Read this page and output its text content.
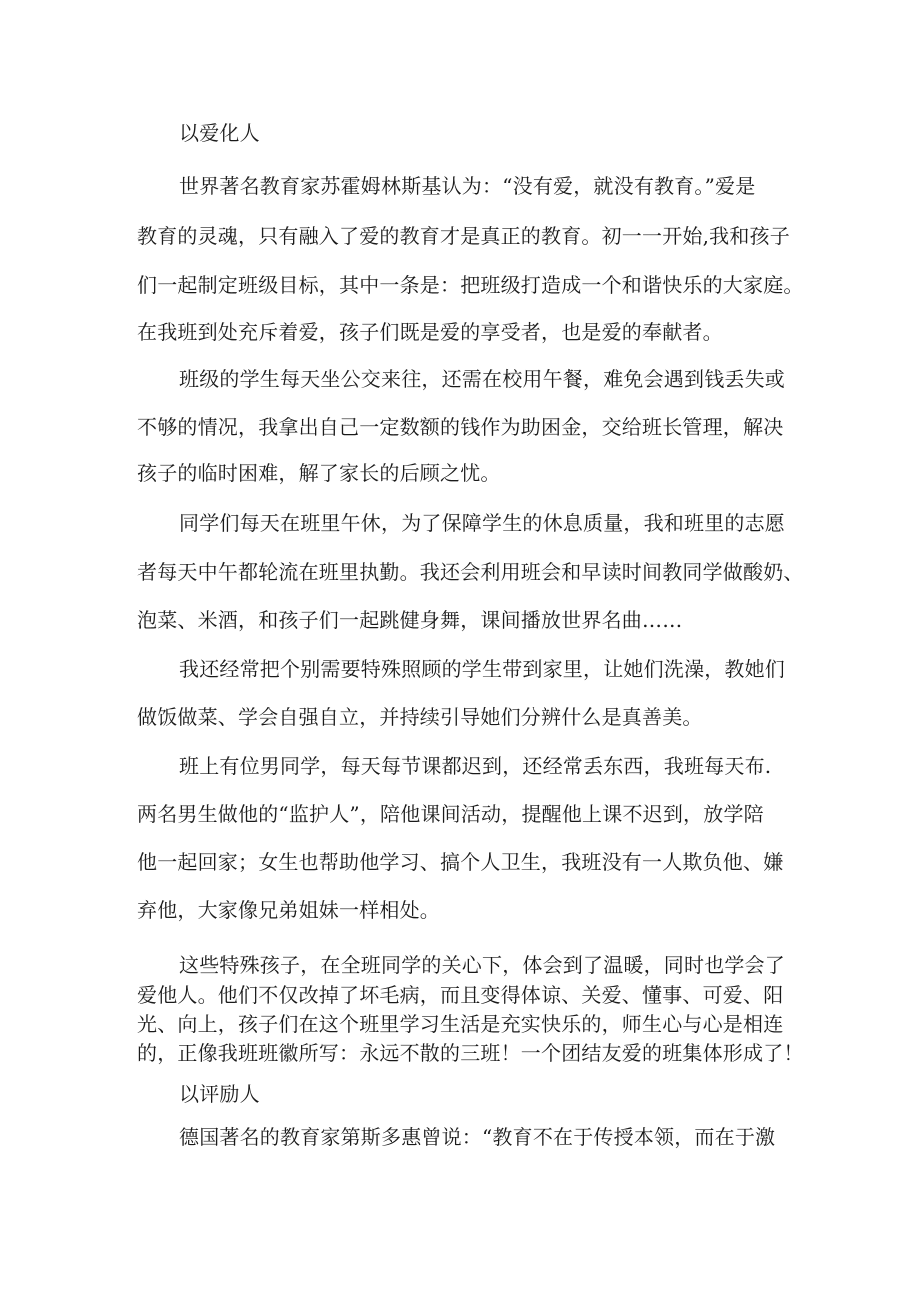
以爱化人
世界著名教育家苏霍姆林斯基认为：“没有爱，就没有教育。”爱是
教育的灵魂，只有融入了爱的教育才是真正的教育。初一一开始,我和孩子
们一起制定班级目标，其中一条是：把班级打造成一个和谐快乐的大家庭。
在我班到处充斥着爱，孩子们既是爱的享受者，也是爱的奉献者。
班级的学生每天坐公交来往，还需在校用午餐，难免会遇到钱丢失或
不够的情况，我拿出自己一定数额的钱作为助困金，交给班长管理，解决
孩子的临时困难，解了家长的后顾之忧。
同学们每天在班里午休，为了保障学生的休息质量，我和班里的志愿
者每天中午都轮流在班里执勤。我还会利用班会和早读时间教同学做酸奶、
泡菜、米酒，和孩子们一起跳健身舞，课间播放世界名曲……
我还经常把个别需要特殊照顾的学生带到家里，让她们洗澡，教她们
做饭做菜、学会自强自立，并持续引导她们分辨什么是真善美。
班上有位男同学，每天每节课都迟到，还经常丢东西，我班每天布.
两名男生做他的“监护人”，陪他课间活动，提醒他上课不迟到，放学陪
他一起回家；女生也帮助他学习、搞个人卫生，我班没有一人欺负他、嫌
弃他，大家像兄弟姐妹一样相处。
这些特殊孩子，在全班同学的关心下，体会到了温暖，同时也学会了
爱他人。他们不仅改掉了坏毛病，而且变得体谅、关爱、懂事、可爱、阳
光、向上，孩子们在这个班里学习生活是充实快乐的，师生心与心是相连
的，正像我班班徽所写：永远不散的三班！一个团结友爱的班集体形成了！
以评励人
德国著名的教育家第斯多惠曾说：“教育不在于传授本领，而在于激
